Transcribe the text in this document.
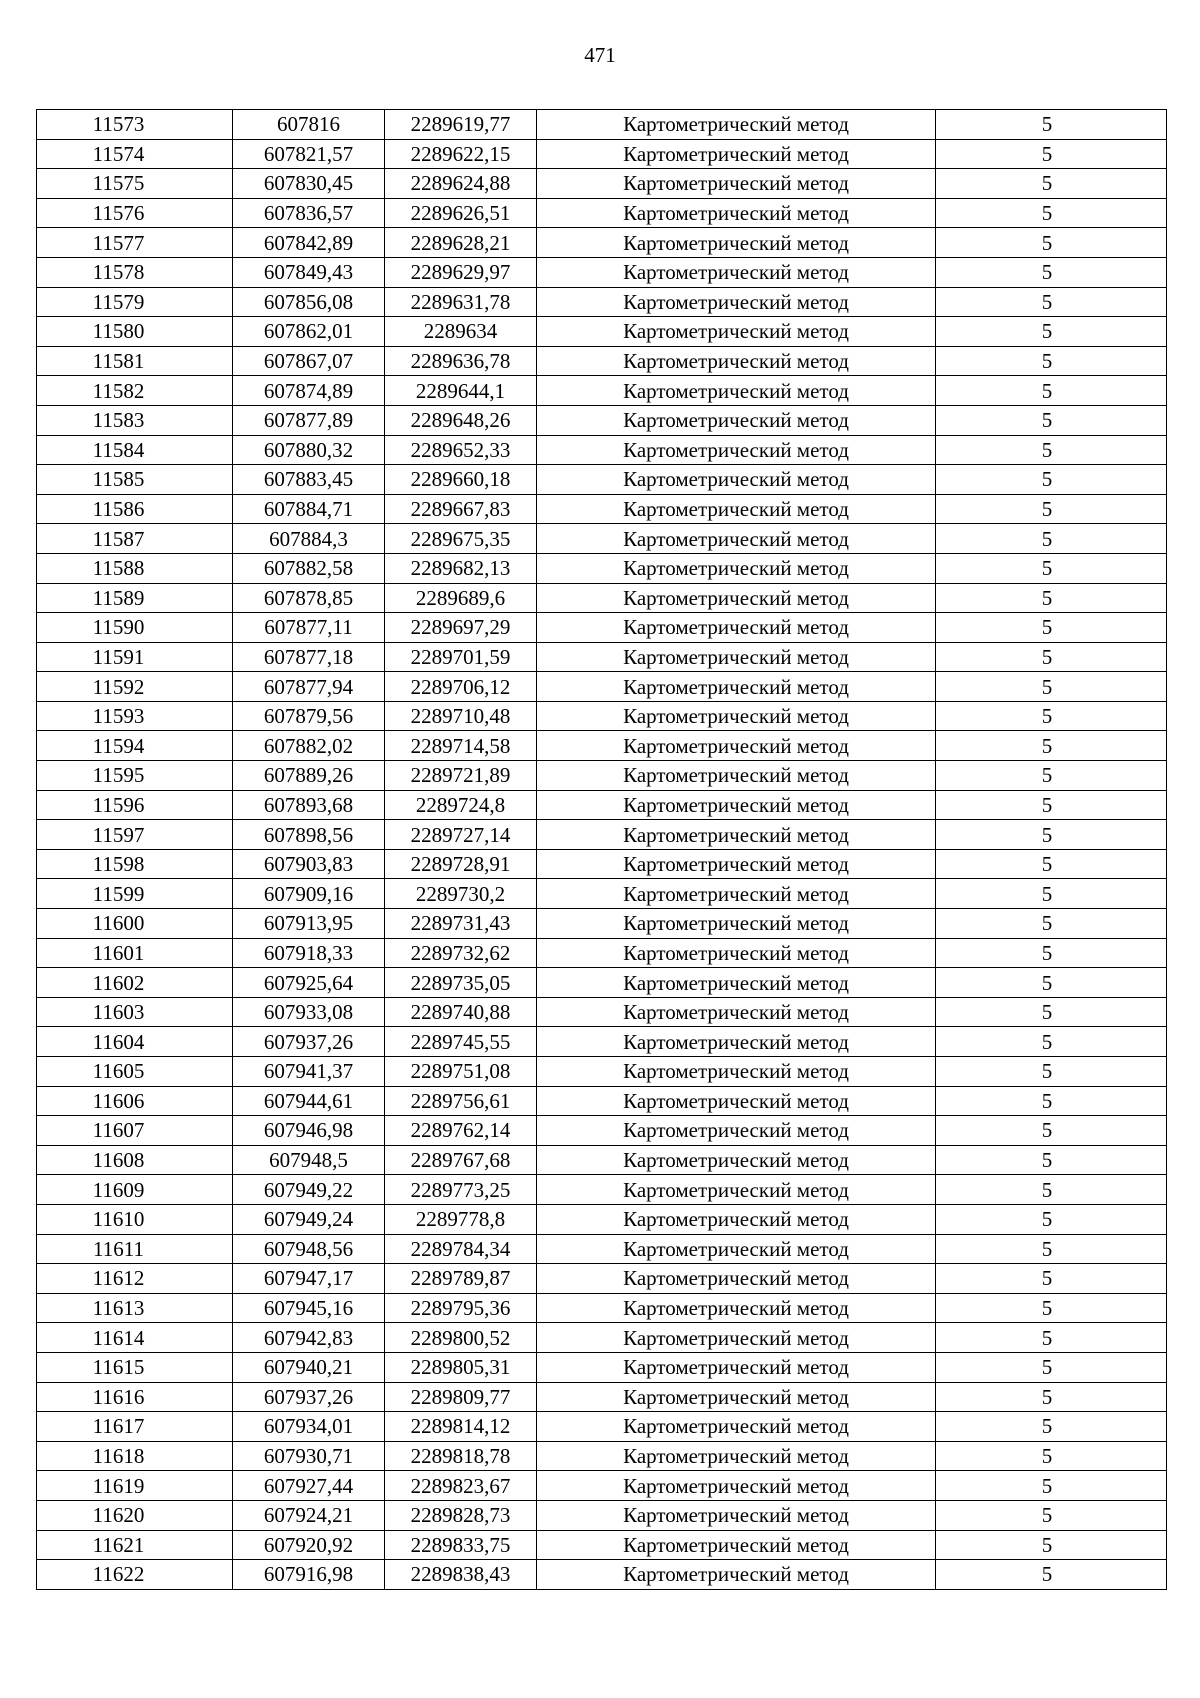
471
11573	607816	2289619,77	Картометрический метод	5
11574	607821,57	2289622,15	Картометрический метод	5
11575	607830,45	2289624,88	Картометрический метод	5
11576	607836,57	2289626,51	Картометрический метод	5
11577	607842,89	2289628,21	Картометрический метод	5
11578	607849,43	2289629,97	Картометрический метод	5
11579	607856,08	2289631,78	Картометрический метод	5
11580	607862,01	2289634	Картометрический метод	5
11581	607867,07	2289636,78	Картометрический метод	5
11582	607874,89	2289644,1	Картометрический метод	5
11583	607877,89	2289648,26	Картометрический метод	5
11584	607880,32	2289652,33	Картометрический метод	5
11585	607883,45	2289660,18	Картометрический метод	5
11586	607884,71	2289667,83	Картометрический метод	5
11587	607884,3	2289675,35	Картометрический метод	5
11588	607882,58	2289682,13	Картометрический метод	5
11589	607878,85	2289689,6	Картометрический метод	5
11590	607877,11	2289697,29	Картометрический метод	5
11591	607877,18	2289701,59	Картометрический метод	5
11592	607877,94	2289706,12	Картометрический метод	5
11593	607879,56	2289710,48	Картометрический метод	5
11594	607882,02	2289714,58	Картометрический метод	5
11595	607889,26	2289721,89	Картометрический метод	5
11596	607893,68	2289724,8	Картометрический метод	5
11597	607898,56	2289727,14	Картометрический метод	5
11598	607903,83	2289728,91	Картометрический метод	5
11599	607909,16	2289730,2	Картометрический метод	5
11600	607913,95	2289731,43	Картометрический метод	5
11601	607918,33	2289732,62	Картометрический метод	5
11602	607925,64	2289735,05	Картометрический метод	5
11603	607933,08	2289740,88	Картометрический метод	5
11604	607937,26	2289745,55	Картометрический метод	5
11605	607941,37	2289751,08	Картометрический метод	5
11606	607944,61	2289756,61	Картометрический метод	5
11607	607946,98	2289762,14	Картометрический метод	5
11608	607948,5	2289767,68	Картометрический метод	5
11609	607949,22	2289773,25	Картометрический метод	5
11610	607949,24	2289778,8	Картометрический метод	5
11611	607948,56	2289784,34	Картометрический метод	5
11612	607947,17	2289789,87	Картометрический метод	5
11613	607945,16	2289795,36	Картометрический метод	5
11614	607942,83	2289800,52	Картометрический метод	5
11615	607940,21	2289805,31	Картометрический метод	5
11616	607937,26	2289809,77	Картометрический метод	5
11617	607934,01	2289814,12	Картометрический метод	5
11618	607930,71	2289818,78	Картометрический метод	5
11619	607927,44	2289823,67	Картометрический метод	5
11620	607924,21	2289828,73	Картометрический метод	5
11621	607920,92	2289833,75	Картометрический метод	5
11622	607916,98	2289838,43	Картометрический метод	5
